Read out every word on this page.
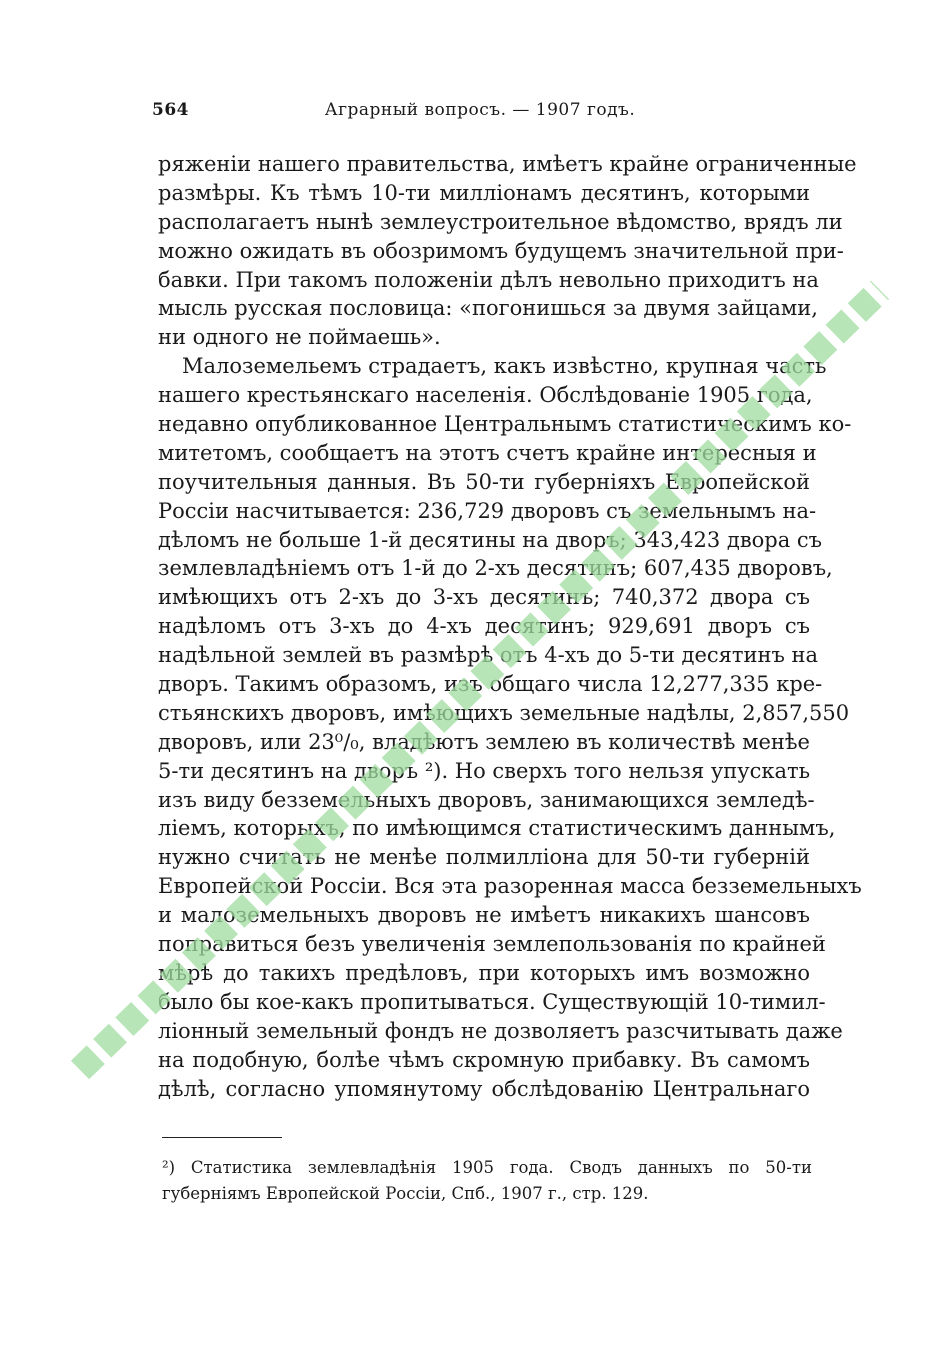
564	Аграрный вопросъ. — 1907 годъ.
ряженіи нашего правительства, имѣетъ крайне ограниченные
размѣры. Къ тѣмъ 10-ти милліонамъ десятинъ, которыми
располагаетъ нынѣ землеустроительное вѣдомство, врядъ ли
можно ожидать въ обозримомъ будущемъ значительной при-
бавки. При такомъ положеніи дѣлъ невольно приходитъ на
мысль русская пословица: «погонишься за двумя зайцами,
ни одного не поймаешь».
Малоземельемъ страдаетъ, какъ извѣстно, крупная часть
нашего крестьянскаго населенія. Обслѣдованіе 1905 года,
недавно опубликованное Центральнымъ статистическимъ ко-
митетомъ, сообщаетъ на этотъ счетъ крайне интересныя и
поучительныя данныя. Въ 50-ти губерніяхъ Европейской
Россіи насчитывается: 236,729 дворовъ съ земельнымъ на-
дѣломъ не больше 1-й десятины на дворъ; 343,423 двора съ
землевладѣніемъ отъ 1-й до 2-хъ десятинъ; 607,435 дворовъ,
имѣющихъ отъ 2-хъ до 3-хъ десятинъ; 740,372 двора съ
надѣломъ отъ 3-хъ до 4-хъ десятинъ; 929,691 дворъ съ
надѣльной землей въ размѣрѣ отъ 4-хъ до 5-ти десятинъ на
дворъ. Такимъ образомъ, изъ общаго числа 12,277,335 кре-
стьянскихъ дворовъ, имѣющихъ земельные надѣлы, 2,857,550
дворовъ, или 23⁰/₀, владѣютъ землею въ количествѣ менѣе
5-ти десятинъ на дворъ ²). Но сверхъ того нельзя упускать
изъ виду безземельныхъ дворовъ, занимающихся земледѣ-
ліемъ, которыхъ, по имѣющимся статистическимъ даннымъ,
нужно считать не менѣе полмилліона для 50-ти губерній
Европейской Россіи. Вся эта разоренная масса безземельныхъ
и малоземельныхъ дворовъ не имѣетъ никакихъ шансовъ
поправиться безъ увеличенія землепользованія по крайней
мѣрѣ до такихъ предѣловъ, при которыхъ имъ возможно
было бы кое-какъ пропитываться. Существующій 10-тимил-
ліонный земельный фондъ не дозволяетъ разсчитывать даже
на подобную, болѣе чѣмъ скромную прибавку. Въ самомъ
дѣлѣ, согласно упомянутому обслѣдованію Центральнаго
²) Статистика землевладѣнія 1905 года. Сводъ данныхъ по 50-ти
губерніямъ Европейской Россіи, Спб., 1907 г., стр. 129.
